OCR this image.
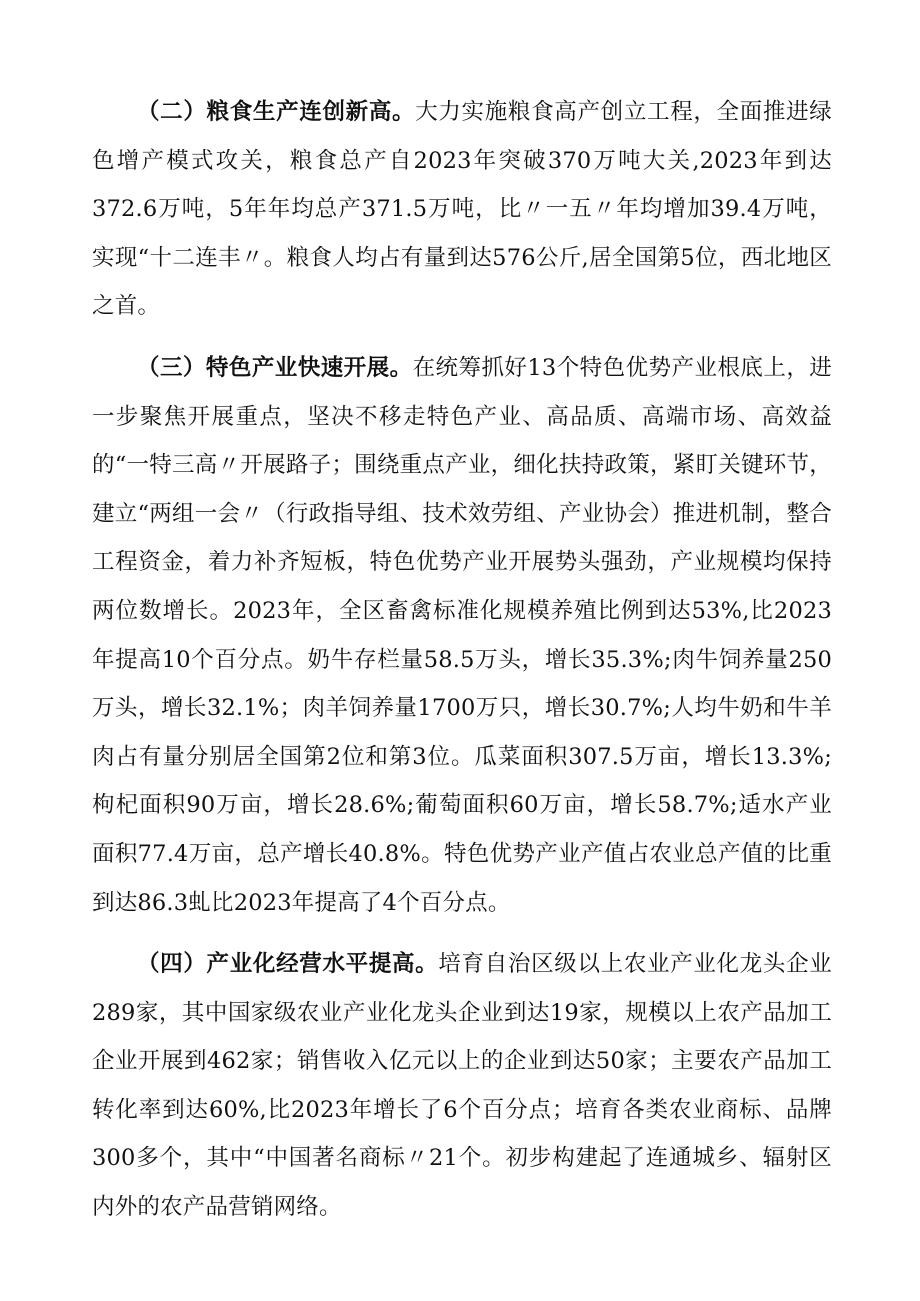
（二）粮食生产连创新高。大力实施粮食高产创立工程，全面推进绿色增产模式攻关，粮食总产自2023年突破370万吨大关,2023年到达372.6万吨，5年年均总产371.5万吨，比〃一五〃年均增加39.4万吨，实现“十二连丰〃。粮食人均占有量到达576公斤,居全国第5位，西北地区之首。

（三）特色产业快速开展。在统筹抓好13个特色优势产业根底上，进一步聚焦开展重点，坚决不移走特色产业、高品质、高端市场、高效益的“一特三高〃开展路子；围绕重点产业，细化扶持政策，紧盯关键环节，建立“两组一会〃（行政指导组、技术效劳组、产业协会）推进机制，整合工程资金，着力补齐短板，特色优势产业开展势头强劲，产业规模均保持两位数增长。2023年，全区畜禽标准化规模养殖比例到达53%,比2023年提高10个百分点。奶牛存栏量58.5万头，增长35.3%;肉牛饲养量250万头，增长32.1%；肉羊饲养量1700万只，增长30.7%;人均牛奶和牛羊肉占有量分别居全国第2位和第3位。瓜菜面积307.5万亩，增长13.3%;枸杞面积90万亩，增长28.6%;葡萄面积60万亩，增长58.7%;适水产业面积77.4万亩，总产增长40.8%。特色优势产业产值占农业总产值的比重到达86.3虬比2023年提高了4个百分点。

（四）产业化经营水平提高。培育自治区级以上农业产业化龙头企业289家，其中国家级农业产业化龙头企业到达19家，规模以上农产品加工企业开展到462家；销售收入亿元以上的企业到达50家；主要农产品加工转化率到达60%,比2023年增长了6个百分点；培育各类农业商标、品牌300多个，其中“中国著名商标〃21个。初步构建起了连通城乡、辐射区内外的农产品营销网络。
